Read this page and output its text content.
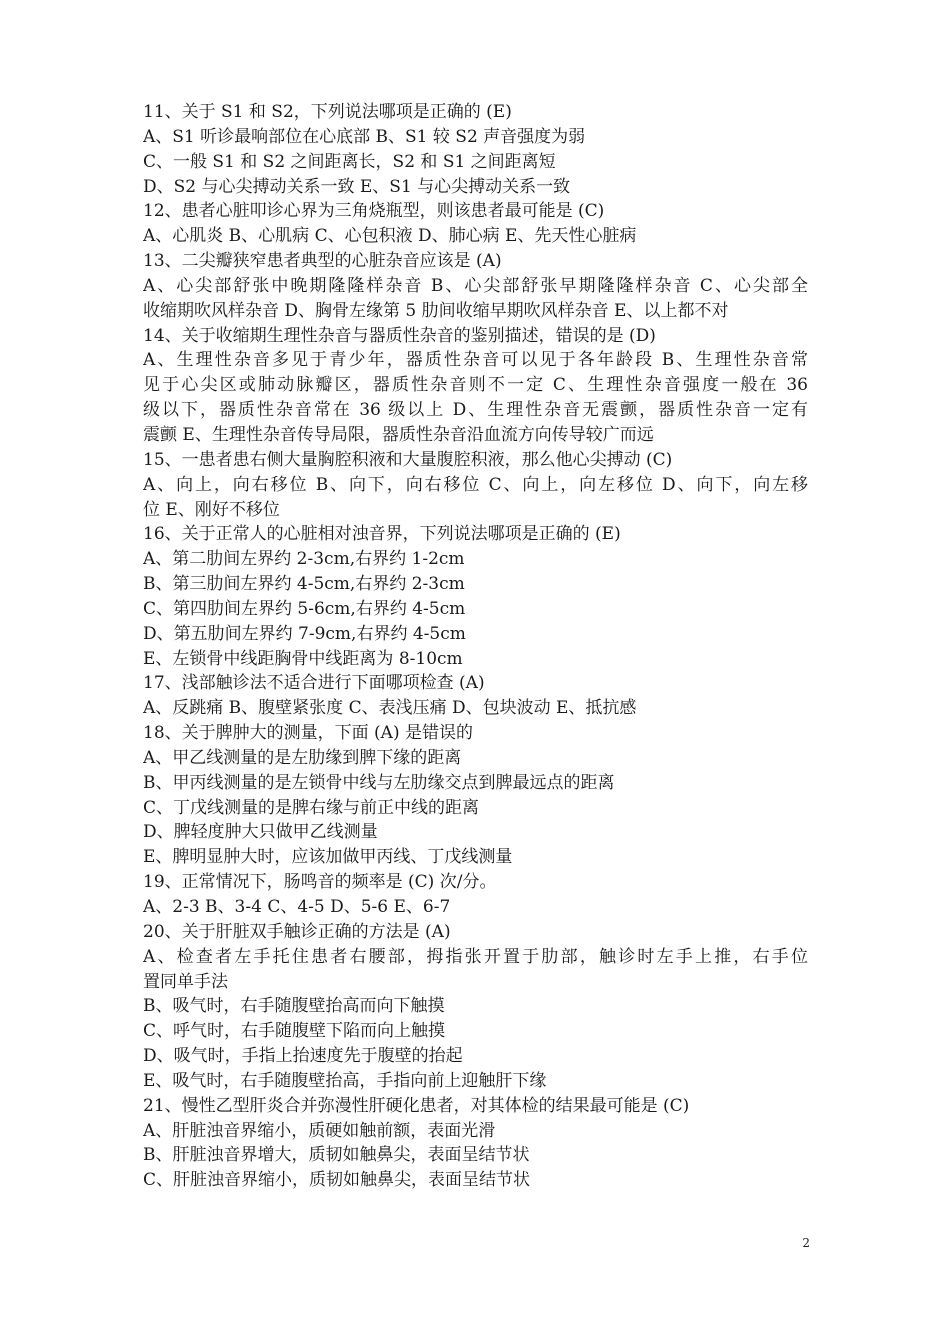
11、关于 S1 和 S2，下列说法哪项是正确的 (E)
A、S1 听诊最响部位在心底部 B、S1 较 S2 声音强度为弱
C、一般 S1 和 S2 之间距离长，S2 和 S1 之间距离短
D、S2 与心尖搏动关系一致 E、S1 与心尖搏动关系一致
12、患者心脏叩诊心界为三角烧瓶型，则该患者最可能是 (C)
A、心肌炎 B、心肌病 C、心包积液 D、肺心病 E、先天性心脏病
13、二尖瓣狭窄患者典型的心脏杂音应该是 (A)
A、心尖部舒张中晚期隆隆样杂音 B、心尖部舒张早期隆隆样杂音 C、心尖部全
收缩期吹风样杂音 D、胸骨左缘第 5 肋间收缩早期吹风样杂音 E、以上都不对
14、关于收缩期生理性杂音与器质性杂音的鉴别描述，错误的是 (D)
A、生理性杂音多见于青少年，器质性杂音可以见于各年龄段 B、生理性杂音常
见于心尖区或肺动脉瓣区，器质性杂音则不一定 C、生理性杂音强度一般在 36
级以下，器质性杂音常在 36 级以上 D、生理性杂音无震颤，器质性杂音一定有
震颤 E、生理性杂音传导局限，器质性杂音沿血流方向传导较广而远
15、一患者患右侧大量胸腔积液和大量腹腔积液，那么他心尖搏动 (C)
A、向上，向右移位 B、向下，向右移位 C、向上，向左移位 D、向下，向左移
位 E、刚好不移位
16、关于正常人的心脏相对浊音界，下列说法哪项是正确的 (E)
A、第二肋间左界约 2-3cm,右界约 1-2cm
B、第三肋间左界约 4-5cm,右界约 2-3cm
C、第四肋间左界约 5-6cm,右界约 4-5cm
D、第五肋间左界约 7-9cm,右界约 4-5cm
E、左锁骨中线距胸骨中线距离为 8-10cm
17、浅部触诊法不适合进行下面哪项检查 (A)
A、反跳痛 B、腹壁紧张度 C、表浅压痛 D、包块波动 E、抵抗感
18、关于脾肿大的测量，下面 (A) 是错误的
A、甲乙线测量的是左肋缘到脾下缘的距离
B、甲丙线测量的是左锁骨中线与左肋缘交点到脾最远点的距离
C、丁戊线测量的是脾右缘与前正中线的距离
D、脾轻度肿大只做甲乙线测量
E、脾明显肿大时，应该加做甲丙线、丁戊线测量
19、正常情况下，肠鸣音的频率是 (C) 次/分。
A、2-3 B、3-4 C、4-5 D、5-6 E、6-7
20、关于肝脏双手触诊正确的方法是 (A)
A、检查者左手托住患者右腰部，拇指张开置于肋部，触诊时左手上推，右手位
置同单手法
B、吸气时，右手随腹壁抬高而向下触摸
C、呼气时，右手随腹壁下陷而向上触摸
D、吸气时，手指上抬速度先于腹壁的抬起
E、吸气时，右手随腹壁抬高，手指向前上迎触肝下缘
21、慢性乙型肝炎合并弥漫性肝硬化患者，对其体检的结果最可能是 (C)
A、肝脏浊音界缩小，质硬如触前额，表面光滑
B、肝脏浊音界增大，质韧如触鼻尖，表面呈结节状
C、肝脏浊音界缩小，质韧如触鼻尖，表面呈结节状
2
